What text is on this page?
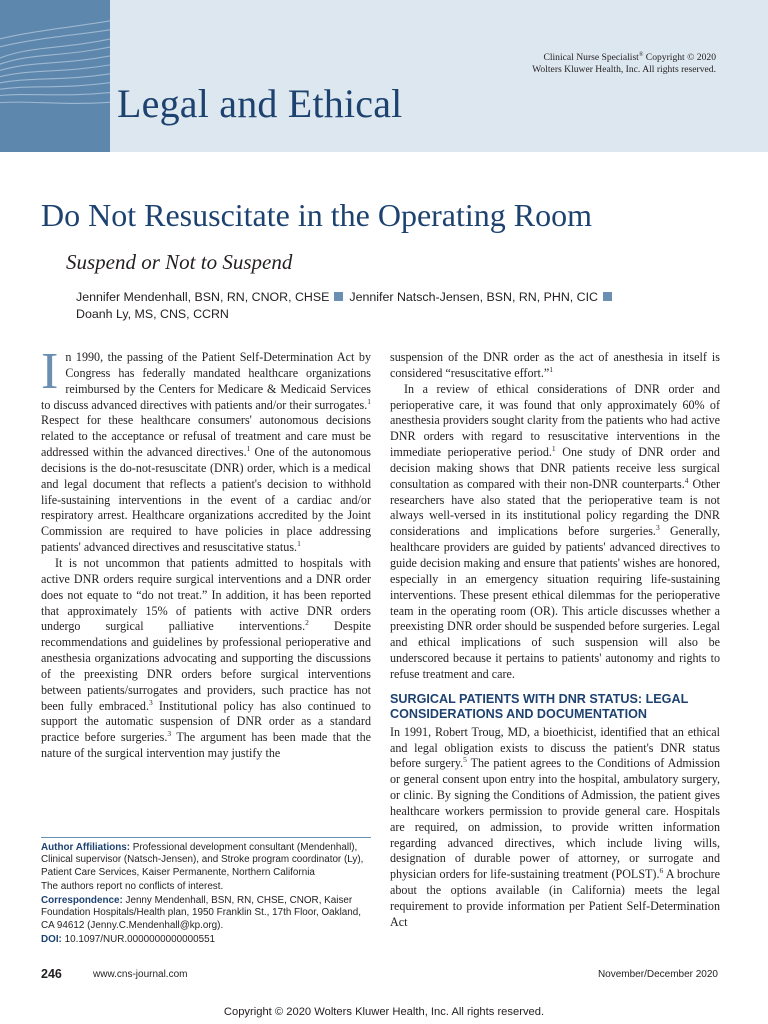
Clinical Nurse Specialist® Copyright © 2020
Wolters Kluwer Health, Inc. All rights reserved.
Legal and Ethical
Do Not Resuscitate in the Operating Room
Suspend or Not to Suspend
Jennifer Mendenhall, BSN, RN, CNOR, CHSE Jennifer Natsch-Jensen, BSN, RN, PHN, CIC
Doanh Ly, MS, CNS, CCRN

In 1990, the passing of the Patient Self-Determination Act by Congress has federally mandated healthcare organizations reimbursed by the Centers for Medicare & Medicaid Services to discuss advanced directives with patients and/or their surrogates.$^1$ Respect for these healthcare consumers' autonomous decisions related to the acceptance or refusal of treatment and care must be addressed within the advanced directives.$^1$ One of the autonomous decisions is the do-not-resuscitate (DNR) order, which is a medical and legal document that reflects a patient's decision to withhold life-sustaining interventions in the event of a cardiac and/or respiratory arrest. Healthcare organizations accredited by the Joint Commission are required to have policies in place addressing patients' advanced directives and resuscitative status.$^1$

It is not uncommon that patients admitted to hospitals with active DNR orders require surgical interventions and a DNR order does not equate to “do not treat.” In addition, it has been reported that approximately 15% of patients with active DNR orders undergo surgical palliative interventions.$^2$ Despite recommendations and guidelines by professional perioperative and anesthesia organizations advocating and supporting the discussions of the preexisting DNR orders before surgical interventions between patients/surrogates and providers, such practice has not been fully embraced.$^3$ Institutional policy has also continued to support the automatic suspension of DNR order as a standard practice before surgeries.$^3$ The argument has been made that the nature of the surgical intervention may justify the

Author Affiliations: Professional development consultant (Mendenhall), Clinical supervisor (Natsch-Jensen), and Stroke program coordinator (Ly), Patient Care Services, Kaiser Permanente, Northern California

The authors report no conflicts of interest.

Correspondence: Jenny Mendenhall, BSN, RN, CHSE, CNOR, Kaiser Foundation Hospitals/Health plan, 1950 Franklin St., 17th Floor, Oakland, CA 94612 (Jenny.C.Mendenhall@kp.org).

DOI: 10.1097/NUR.0000000000000551

suspension of the DNR order as the act of anesthesia in itself is considered “resuscitative effort.”$^1$

In a review of ethical considerations of DNR order and perioperative care, it was found that only approximately 60% of anesthesia providers sought clarity from the patients who had active DNR orders with regard to resuscitative interventions in the immediate perioperative period.$^1$ One study of DNR order and decision making shows that DNR patients receive less surgical consultation as compared with their non-DNR counterparts.$^4$ Other researchers have also stated that the perioperative team is not always well-versed in its institutional policy regarding the DNR considerations and implications before surgeries.$^3$ Generally, healthcare providers are guided by patients' advanced directives to guide decision making and ensure that patients' wishes are honored, especially in an emergency situation requiring life-sustaining interventions. These present ethical dilemmas for the perioperative team in the operating room (OR). This article discusses whether a preexisting DNR order should be suspended before surgeries. Legal and ethical implications of such suspension will also be underscored because it pertains to patients' autonomy and rights to refuse treatment and care.

SURGICAL PATIENTS WITH DNR STATUS: LEGAL CONSIDERATIONS AND DOCUMENTATION

In 1991, Robert Troug, MD, a bioethicist, identified that an ethical and legal obligation exists to discuss the patient's DNR status before surgery.$^5$ The patient agrees to the Conditions of Admission or general consent upon entry into the hospital, ambulatory surgery, or clinic. By signing the Conditions of Admission, the patient gives healthcare workers permission to provide general care. Hospitals are required, on admission, to provide written information regarding advanced directives, which include living wills, designation of durable power of attorney, or surrogate and physician orders for life-sustaining treatment (POLST).$^6$ A brochure about the options available (in California) meets the legal requirement to provide information per Patient Self-Determination Act

246	www.cns-journal.com	November/December 2020
Copyright © 2020 Wolters Kluwer Health, Inc. All rights reserved.
